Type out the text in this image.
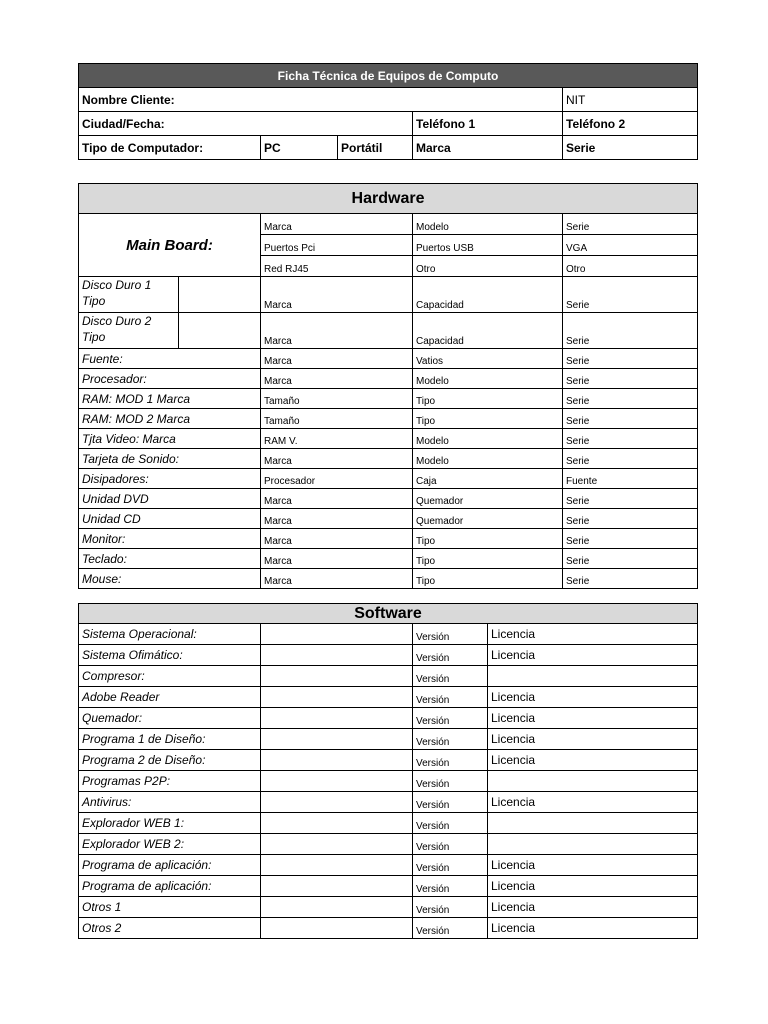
Ficha Técnica de Equipos de Computo				
Nombre Cliente:				NIT
Ciudad/Fecha:			Teléfono 1	Teléfono 2
Tipo de Computador:	PC	Portátil	Marca	Serie
Hardware				
Main Board:		Marca	Modelo	Serie
		Puertos Pci	Puertos USB	VGA
		Red RJ45	Otro	Otro
Disco Duro 1 Tipo		Marca	Capacidad	Serie
Disco Duro 2 Tipo		Marca	Capacidad	Serie
Fuente:		Marca	Vatios	Serie
Procesador:		Marca	Modelo	Serie
RAM: MOD 1 Marca		Tamaño	Tipo	Serie
RAM: MOD 2 Marca		Tamaño	Tipo	Serie
Tjta Video: Marca		RAM V.	Modelo	Serie
Tarjeta de Sonido:		Marca	Modelo	Serie
Disipadores:		Procesador	Caja	Fuente
Unidad DVD		Marca	Quemador	Serie
Unidad CD		Marca	Quemador	Serie
Monitor:		Marca	Tipo	Serie
Teclado:		Marca	Tipo	Serie
Mouse:		Marca	Tipo	Serie
Software			
Sistema Operacional:		Versión	Licencia
Sistema Ofimático:		Versión	Licencia
Compresor:		Versión	
Adobe Reader		Versión	Licencia
Quemador:		Versión	Licencia
Programa 1 de Diseño:		Versión	Licencia
Programa 2 de Diseño:		Versión	Licencia
Programas P2P:		Versión	
Antivirus:		Versión	Licencia
Explorador WEB 1:		Versión	
Explorador WEB 2:		Versión	
Programa de aplicación:		Versión	Licencia
Programa de aplicación:		Versión	Licencia
Otros 1		Versión	Licencia
Otros 2		Versión	Licencia
